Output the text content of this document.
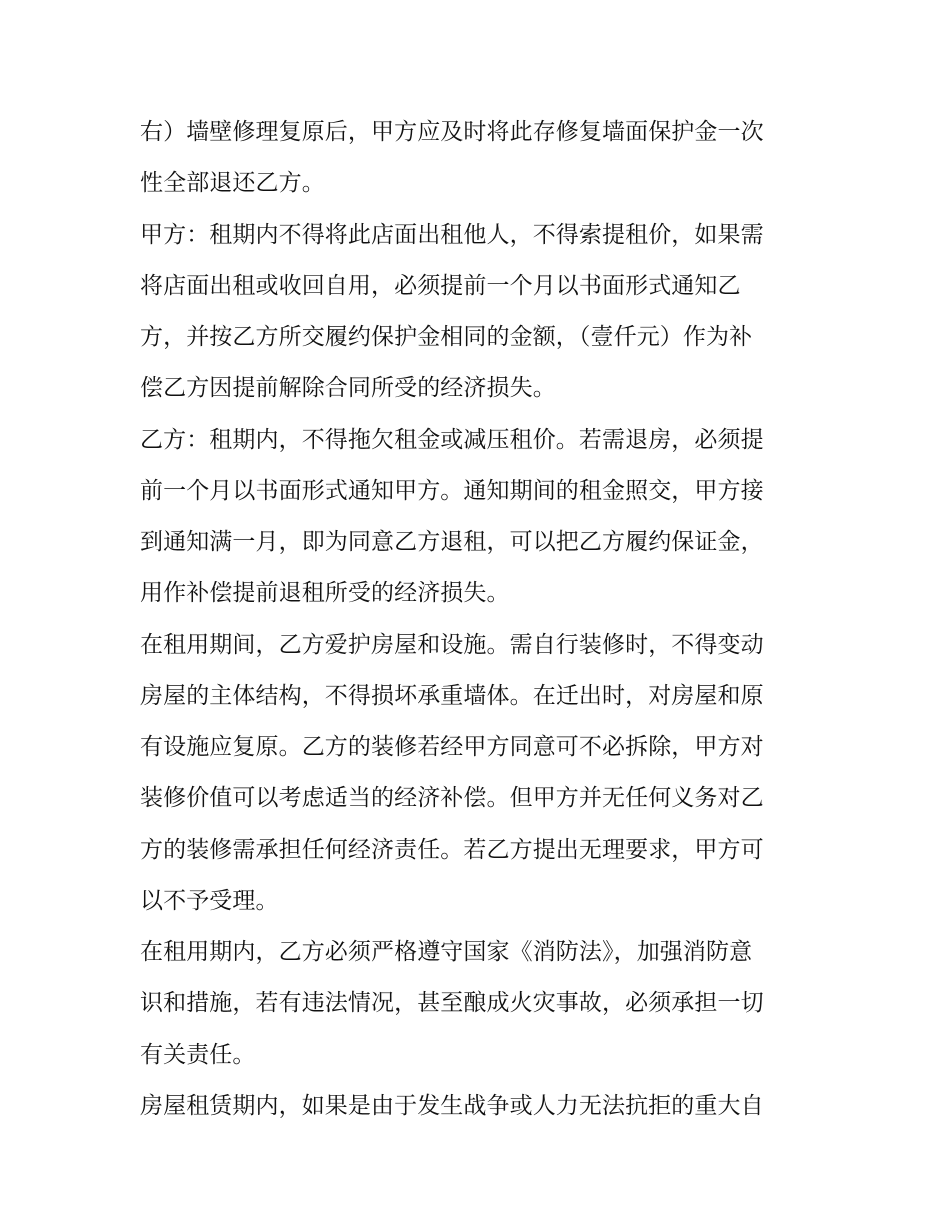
右）墙壁修理复原后，甲方应及时将此存修复墙面保护金一次
性全部退还乙方。
甲方：租期内不得将此店面出租他人，不得索提租价，如果需
将店面出租或收回自用，必须提前一个月以书面形式通知乙
方，并按乙方所交履约保护金相同的金额，（壹仟元）作为补
偿乙方因提前解除合同所受的经济损失。
乙方：租期内，不得拖欠租金或减压租价。若需退房，必须提
前一个月以书面形式通知甲方。通知期间的租金照交，甲方接
到通知满一月，即为同意乙方退租，可以把乙方履约保证金，
用作补偿提前退租所受的经济损失。
在租用期间，乙方爱护房屋和设施。需自行装修时，不得变动
房屋的主体结构，不得损坏承重墙体。在迁出时，对房屋和原
有设施应复原。乙方的装修若经甲方同意可不必拆除，甲方对
装修价值可以考虑适当的经济补偿。但甲方并无任何义务对乙
方的装修需承担任何经济责任。若乙方提出无理要求，甲方可
以不予受理。
在租用期内，乙方必须严格遵守国家《消防法》，加强消防意
识和措施，若有违法情况，甚至酿成火灾事故，必须承担一切
有关责任。
房屋租赁期内，如果是由于发生战争或人力无法抗拒的重大自
